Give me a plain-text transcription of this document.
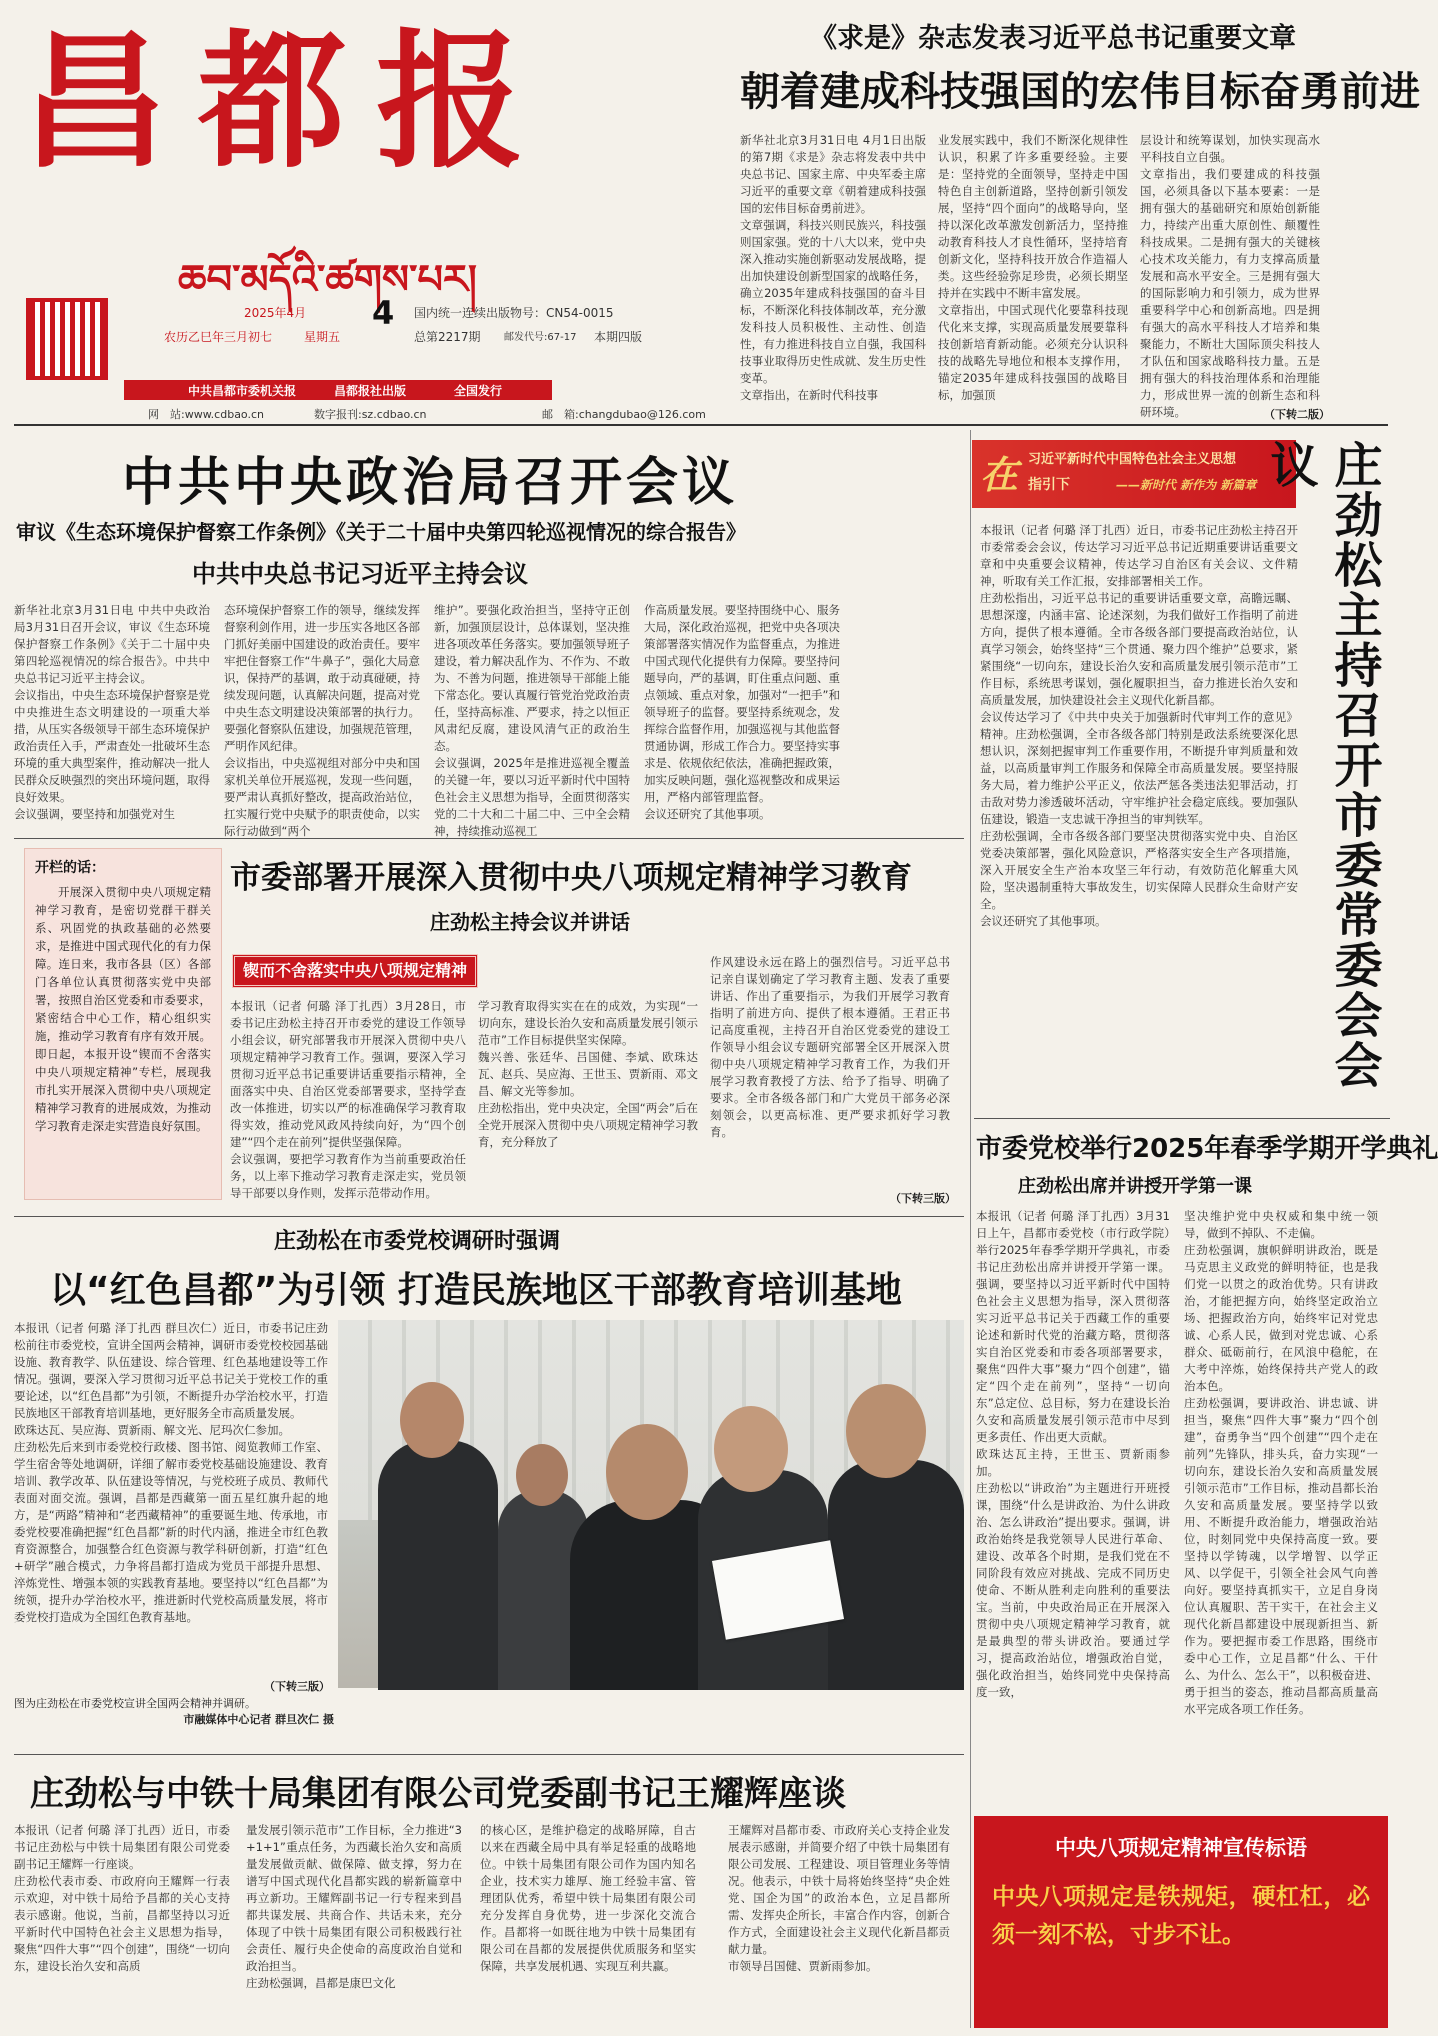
昌都报
ཆབ་མདོའི་ཚགས་པར།
2025年4月 4 国内统一连续出版物号：CN54-0015
农历乙巳年三月初七	星期五	总第2217期 邮发代号:67-17 本期四版
中共昌都市委机关报	昌都报社出版	全国发行
网　站:www.cdbao.cn	数字报刊:sz.cdbao.cn	邮　箱:changdubao@126.com
《求是》杂志发表习近平总书记重要文章
朝着建成科技强国的宏伟目标奋勇前进
新华社北京3月31日电 4月1日出版的第7期《求是》杂志将发表中共中央总书记、国家主席、中央军委主席习近平的重要文章《朝着建成科技强国的宏伟目标奋勇前进》。
文章强调，科技兴则民族兴，科技强则国家强。党的十八大以来，党中央深入推动实施创新驱动发展战略，提出加快建设创新型国家的战略任务，确立2035年建成科技强国的奋斗目标，不断深化科技体制改革，充分激发科技人员积极性、主动性、创造性，有力推进科技自立自强，我国科技事业取得历史性成就、发生历史性变革。
文章指出，在新时代科技事
业发展实践中，我们不断深化规律性认识，积累了许多重要经验。主要是：坚持党的全面领导，坚持走中国特色自主创新道路，坚持创新引领发展，坚持“四个面向”的战略导向，坚持以深化改革激发创新活力，坚持推动教育科技人才良性循环，坚持培育创新文化，坚持科技开放合作造福人类。这些经验弥足珍贵，必须长期坚持并在实践中不断丰富发展。
文章指出，中国式现代化要靠科技现代化来支撑，实现高质量发展要靠科技创新培育新动能。必须充分认识科技的战略先导地位和根本支撑作用，锚定2035年建成科技强国的战略目标，加强顶
层设计和统筹谋划，加快实现高水平科技自立自强。
文章指出，我们要建成的科技强国，必须具备以下基本要素：一是拥有强大的基础研究和原始创新能力，持续产出重大原创性、颠覆性科技成果。二是拥有强大的关键核心技术攻关能力，有力支撑高质量发展和高水平安全。三是拥有强大的国际影响力和引领力，成为世界重要科学中心和创新高地。四是拥有强大的高水平科技人才培养和集聚能力，不断壮大国际顶尖科技人才队伍和国家战略科技力量。五是拥有强大的科技治理体系和治理能力，形成世界一流的创新生态和科研环境。	（下转二版）
中共中央政治局召开会议
审议《生态环境保护督察工作条例》《关于二十届中央第四轮巡视情况的综合报告》
中共中央总书记习近平主持会议
新华社北京3月31日电 中共中央政治局3月31日召开会议，审议《生态环境保护督察工作条例》《关于二十届中央第四轮巡视情况的综合报告》。中共中央总书记习近平主持会议。
会议指出，中央生态环境保护督察是党中央推进生态文明建设的一项重大举措，从压实各级领导干部生态环境保护政治责任入手，严肃查处一批破坏生态环境的重大典型案件，推动解决一批人民群众反映强烈的突出环境问题，取得良好效果。
会议强调，要坚持和加强党对生
态环境保护督察工作的领导，继续发挥督察利剑作用，进一步压实各地区各部门抓好美丽中国建设的政治责任。要牢牢把住督察工作“牛鼻子”，强化大局意识，保持严的基调，敢于动真碰硬，持续发现问题，认真解决问题，提高对党中央生态文明建设决策部署的执行力。要强化督察队伍建设，加强规范管理，严明作风纪律。
会议指出，中央巡视组对部分中央和国家机关单位开展巡视，发现一些问题，要严肃认真抓好整改，提高政治站位，扛实履行党中央赋予的职责使命，以实际行动做到“两个
维护”。要强化政治担当，坚持守正创新，加强顶层设计，总体谋划，坚决推进各项改革任务落实。要加强领导班子建设，着力解决乱作为、不作为、不敢为、不善为问题，推进领导干部能上能下常态化。要认真履行管党治党政治责任，坚持高标准、严要求，持之以恒正风肃纪反腐，建设风清气正的政治生态。
会议强调，2025年是推进巡视全覆盖的关键一年，要以习近平新时代中国特色社会主义思想为指导，全面贯彻落实党的二十大和二十届二中、三中全会精神，持续推动巡视工
作高质量发展。要坚持围绕中心、服务大局，深化政治巡视，把党中央各项决策部署落实情况作为监督重点，为推进中国式现代化提供有力保障。要坚持问题导向，严的基调，盯住重点问题、重点领域、重点对象，加强对“一把手”和领导班子的监督。要坚持系统观念，发挥综合监督作用，加强巡视与其他监督贯通协调，形成工作合力。要坚持实事求是、依规依纪依法，准确把握政策，加实反映问题，强化巡视整改和成果运用，严格内部管理监督。
会议还研究了其他事项。
开栏的话：
开展深入贯彻中央八项规定精神学习教育，是密切党群干群关系、巩固党的执政基础的必然要求，是推进中国式现代化的有力保障。连日来，我市各县（区）各部门各单位认真贯彻落实党中央部署，按照自治区党委和市委要求，紧密结合中心工作，精心组织实施，推动学习教育有序有效开展。即日起，本报开设“锲而不舍落实中央八项规定精神”专栏，展现我市扎实开展深入贯彻中央八项规定精神学习教育的进展成效，为推动学习教育走深走实营造良好氛围。
市委部署开展深入贯彻中央八项规定精神学习教育
庄劲松主持会议并讲话
锲而不舍落实中央八项规定精神
本报讯（记者 何璐 泽丁扎西）3月28日，市委书记庄劲松主持召开市委党的建设工作领导小组会议，研究部署我市开展深入贯彻中央八项规定精神学习教育工作。强调，要深入学习贯彻习近平总书记重要讲话重要指示精神，全面落实中央、自治区党委部署要求，坚持学查改一体推进，切实以严的标准确保学习教育取得实效，推动党风政风持续向好，为“四个创建”“四个走在前列”提供坚强保障。
会议强调，要把学习教育作为当前重要政治任务，以上率下推动学习教育走深走实，党员领导干部要以身作则，发挥示范带动作用。
学习教育取得实实在在的成效，为实现“一切向东，建设长治久安和高质量发展引领示范市”工作目标提供坚实保障。
魏兴善、张廷华、吕国健、李斌、欧珠达瓦、赵兵、吴应海、王世玉、贾新雨、邓文昌、解文光等参加。
庄劲松指出，党中央决定，全国“两会”后在全党开展深入贯彻中央八项规定精神学习教育，充分释放了
作风建设永远在路上的强烈信号。习近平总书记亲自谋划确定了学习教育主题、发表了重要讲话、作出了重要指示，为我们开展学习教育指明了前进方向、提供了根本遵循。王君正书记高度重视，主持召开自治区党委党的建设工作领导小组会议专题研究部署全区开展深入贯彻中央八项规定精神学习教育工作，为我们开展学习教育教授了方法、给予了指导、明确了要求。全市各级各部门和广大党员干部务必深刻领会，以更高标准、更严要求抓好学习教育。
（下转三版）
庄劲松在市委党校调研时强调
以“红色昌都”为引领 打造民族地区干部教育培训基地
本报讯（记者 何璐 泽丁扎西 群旦次仁）近日，市委书记庄劲松前往市委党校，宣讲全国两会精神，调研市委党校校园基础设施、教育教学、队伍建设、综合管理、红色基地建设等工作情况。强调，要深入学习贯彻习近平总书记关于党校工作的重要论述，以“红色昌都”为引领，不断提升办学治校水平，打造民族地区干部教育培训基地，更好服务全市高质量发展。
欧珠达瓦、吴应海、贾新雨、解文光、尼玛次仁参加。
庄劲松先后来到市委党校行政楼、图书馆、阅览教师工作室、学生宿舍等处地调研，详细了解市委党校基础设施建设、教育培训、教学改革、队伍建设等情况，与党校班子成员、教师代表面对面交流。强调，昌都是西藏第一面五星红旗升起的地方，是“两路”精神和“老西藏精神”的重要诞生地、传承地，市委党校要准确把握“红色昌都”新的时代内涵，推进全市红色教育资源整合，加强整合红色资源与教学科研创新，打造“红色+研学”融合模式，力争将昌都打造成为党员干部提升思想、淬炼党性、增强本领的实践教育基地。要坚持以“红色昌都”为统领，提升办学治校水平，推进新时代党校高质量发展，将市委党校打造成为全国红色教育基地。
（下转三版）
图为庄劲松在市委党校宣讲全国两会精神并调研。
市融媒体中心记者 群旦次仁 摄
庄劲松与中铁十局集团有限公司党委副书记王耀辉座谈
本报讯（记者 何璐 泽丁扎西）近日，市委书记庄劲松与中铁十局集团有限公司党委副书记王耀辉一行座谈。
庄劲松代表市委、市政府向王耀辉一行表示欢迎，对中铁十局给予昌都的关心支持表示感谢。他说，当前，昌都坚持以习近平新时代中国特色社会主义思想为指导，聚焦“四件大事”“四个创建”，围绕“一切向东，建设长治久安和高质
量发展引领示范市”工作目标，全力推进“3+1+1”重点任务，为西藏长治久安和高质量发展做贡献、做保障、做支撑，努力在谱写中国式现代化昌都实践的崭新篇章中再立新功。王耀辉副书记一行专程来到昌都共谋发展、共商合作、共话未来，充分体现了中铁十局集团有限公司积极践行社会责任、履行央企使命的高度政治自觉和政治担当。
庄劲松强调，昌都是康巴文化
的核心区，是维护稳定的战略屏障，自古以来在西藏全局中具有举足轻重的战略地位。中铁十局集团有限公司作为国内知名企业，技术实力雄厚、施工经验丰富、管理团队优秀，希望中铁十局集团有限公司充分发挥自身优势，进一步深化交流合作。昌都将一如既往地为中铁十局集团有限公司在昌都的发展提供优质服务和坚实保障，共享发展机遇、实现互利共赢。
王耀辉对昌都市委、市政府关心支持企业发展表示感谢，并简要介绍了中铁十局集团有限公司发展、工程建设、项目管理业务等情况。他表示，中铁十局将始终坚持“央企姓党、国企为国”的政治本色，立足昌都所需、发挥央企所长，丰富合作内容，创新合作方式，全面建设社会主义现代化新昌都贡献力量。
市领导吕国健、贾新雨参加。
在 习近平新时代中国特色社会主义思想
指引下	——新时代 新作为 新篇章 庄劲松主持召开市委常委会会议
本报讯（记者 何璐 泽丁扎西）近日，市委书记庄劲松主持召开市委常委会会议，传达学习习近平总书记近期重要讲话重要文章和中央重要会议精神，传达学习自治区有关会议、文件精神，听取有关工作汇报，安排部署相关工作。
庄劲松指出，习近平总书记的重要讲话重要文章，高瞻远瞩、思想深邃，内涵丰富、论述深刻，为我们做好工作指明了前进方向，提供了根本遵循。全市各级各部门要提高政治站位，认真学习领会，始终坚持“三个贯通、聚力四个维护”总要求，紧紧围绕“一切向东，建设长治久安和高质量发展引领示范市”工作目标，系统思考谋划，强化履职担当，奋力推进长治久安和高质量发展，加快建设社会主义现代化新昌都。
会议传达学习了《中共中央关于加强新时代审判工作的意见》精神。庄劲松强调，全市各级各部门特别是政法系统要深化思想认识，深刻把握审判工作重要作用，不断提升审判质量和效益，以高质量审判工作服务和保障全市高质量发展。要坚持服务大局，着力维护公平正义，依法严惩各类违法犯罪活动，打击敌对势力渗透破坏活动，守牢维护社会稳定底线。要加强队伍建设，锻造一支忠诚干净担当的审判铁军。
庄劲松强调，全市各级各部门要坚决贯彻落实党中央、自治区党委决策部署，强化风险意识，严格落实安全生产各项措施，深入开展安全生产治本攻坚三年行动，有效防范化解重大风险，坚决遏制重特大事故发生，切实保障人民群众生命财产安全。
会议还研究了其他事项。
市委党校举行2025年春季学期开学典礼
庄劲松出席并讲授开学第一课
本报讯（记者 何璐 泽丁扎西）3月31日上午，昌都市委党校（市行政学院）举行2025年春季学期开学典礼，市委书记庄劲松出席并讲授开学第一课。强调，要坚持以习近平新时代中国特色社会主义思想为指导，深入贯彻落实习近平总书记关于西藏工作的重要论述和新时代党的治藏方略，贯彻落实自治区党委和市委各项部署要求，聚焦“四件大事”聚力“四个创建”，锚定“四个走在前列”，坚持“一切向东”总定位、总目标，努力在建设长治久安和高质量发展引领示范市中尽到更多责任、作出更大贡献。
欧珠达瓦主持，王世玉、贾新雨参加。
庄劲松以“讲政治”为主题进行开班授课，围绕“什么是讲政治、为什么讲政治、怎么讲政治”提出要求。强调，讲政治始终是我党领导人民进行革命、建设、改革各个时期，是我们党在不同阶段有效应对挑战、完成不同历史使命、不断从胜利走向胜利的重要法宝。当前，中央政治局正在开展深入贯彻中央八项规定精神学习教育，就是最典型的带头讲政治。要通过学习，提高政治站位，增强政治自觉，强化政治担当，始终同党中央保持高度一致，
坚决维护党中央权威和集中统一领导，做到不掉队、不走偏。
庄劲松强调，旗帜鲜明讲政治，既是马克思主义政党的鲜明特征，也是我们党一以贯之的政治优势。只有讲政治，才能把握方向，始终坚定政治立场、把握政治方向，始终牢记对党忠诚、心系人民，做到对党忠诚、心系群众、砥砺前行，在风浪中稳舵，在大考中淬炼，始终保持共产党人的政治本色。
庄劲松强调，要讲政治、讲忠诚、讲担当，聚焦“四件大事”聚力“四个创建”，奋勇争当“四个创建”“四个走在前列”先锋队，排头兵，奋力实现“一切向东，建设长治久安和高质量发展引领示范市”工作目标，推动昌都长治久安和高质量发展。要坚持学以致用、不断提升政治能力，增强政治站位，时刻同党中央保持高度一致。要坚持以学铸魂，以学增智、以学正风、以学促干，引领全社会风气向善向好。要坚持真抓实干，立足自身岗位认真履职、苦干实干，在社会主义现代化新昌都建设中展现新担当、新作为。要把握市委工作思路，围绕市委中心工作，立足昌都“什么、干什么、为什么、怎么干”，以积极奋进、勇于担当的姿态，推动昌都高质量高水平完成各项工作任务。
中央八项规定精神宣传标语
中央八项规定是铁规矩，硬杠杠，必须一刻不松，寸步不让。
